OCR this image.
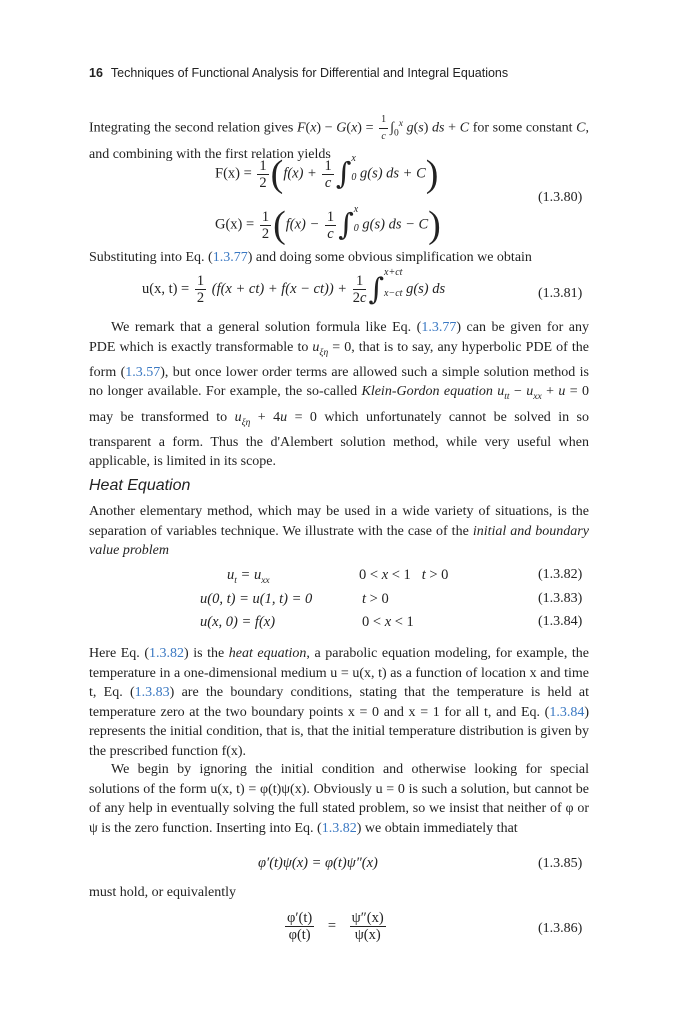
16 Techniques of Functional Analysis for Differential and Integral Equations
Integrating the second relation gives $F(x) - G(x) = \frac{1}{c} \int_0^x$ g(s) ds + C for some constant C, and combining with the first relation yields
$F(x) = \frac{1}{2} (f(x) + \frac{1}{c}$ ∫ x
0 g(s) ds + C)
$G(x) = \frac{1}{2} (f(x) - \frac{1}{c}$ ∫ x
0 g(s) ds − C)
(1.3.80)
Substituting into Eq. (1.3.77) and doing some obvious simplification we obtain
u(x, $t) = \frac{1}{2} (f(x + ct) + f(x - ct)) + \frac{1}{2c}$ ∫ x+ct
x−ct g(s) ds	(1.3.81)
We remark that a general solution formula like Eq. (1.3.77) can be given for any PDE which is exactly transformable to $u_{\xi\eta} = 0$, that is to say, any hyperbolic PDE of the form (1.3.57), but once lower order terms are allowed such a simple solution method is no longer available. For example, the so-called Klein-Gordon equation $u_{tt} - u_{xx} + u = 0$ may be transformed to $u_{\xi\eta} + 4u = 0$ which unfortunately cannot be solved in so transparent a form. Thus the d'Alembert solution method, while very useful when applicable, is limited in its scope.
Heat Equation
Another elementary method, which may be used in a wide variety of situations, is the separation of variables technique. We illustrate with the case of the initial and boundary value problem
$u_t = u_{xx}$	0 < x < 1   t > 0	(1.3.82)
u(0, t) = u(1, t) = 0	t > 0	(1.3.83)
u(x, 0) = f(x)	0 < x < 1	(1.3.84)
Here Eq. (1.3.82) is the heat equation, a parabolic equation modeling, for example, the temperature in a one-dimensional medium u = u(x, t) as a function of location x and time t, Eq. (1.3.83) are the boundary conditions, stating that the temperature is held at temperature zero at the two boundary points x = 0 and x = 1 for all t, and Eq. (1.3.84) represents the initial condition, that is, that the initial temperature distribution is given by the prescribed function f(x).
We begin by ignoring the initial condition and otherwise looking for special solutions of the form u(x, t) = φ(t)ψ(x). Obviously u = 0 is such a solution, but cannot be of any help in eventually solving the full stated problem, so we insist that neither of φ or ψ is the zero function. Inserting into Eq. (1.3.82) we obtain immediately that
φ′(t)ψ(x) = φ(t)ψ″(x)	(1.3.85)
must hold, or equivalently
$\frac{\varphi'(t)}{\varphi(t)} = \frac{\psi''(x)}{\psi(x)}$	(1.3.86)
